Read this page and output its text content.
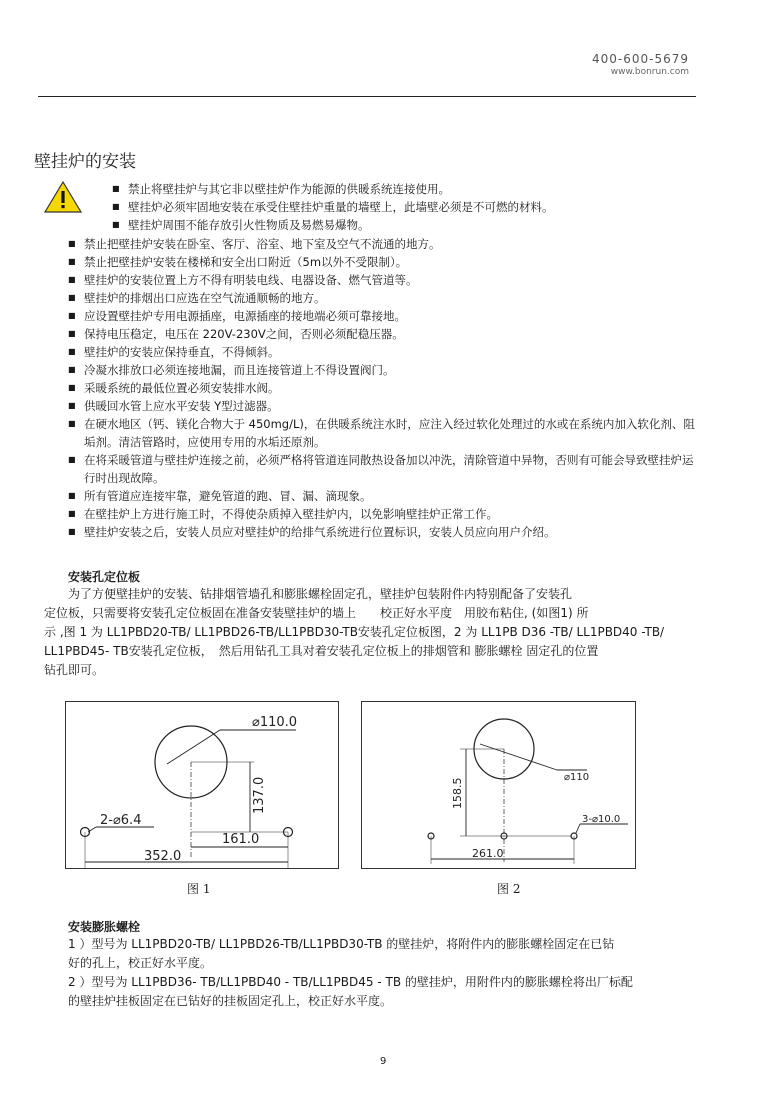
400-600-5679
www.bonrun.com
壁挂炉的安装
■ 禁止将壁挂炉与其它非以壁挂炉作为能源的供暖系统连接使用。
■ 壁挂炉必须牢固地安装在承受住壁挂炉重量的墙壁上，此墙壁必须是不可燃的材料。
■ 壁挂炉周围不能存放引火性物质及易燃易爆物。
■ 禁止把壁挂炉安装在卧室、客厅、浴室、地下室及空气不流通的地方。
■ 禁止把壁挂炉安装在楼梯和安全出口附近（5m以外不受限制）。
■ 壁挂炉的安装位置上方不得有明装电线、电器设备、燃气管道等。
■ 壁挂炉的排烟出口应选在空气流通顺畅的地方。
■ 应设置壁挂炉专用电源插座，电源插座的接地端必须可靠接地。
■ 保持电压稳定，电压在 220V-230V之间，否则必须配稳压器。
■ 壁挂炉的安装应保持垂直，不得倾斜。
■ 冷凝水排放口必须连接地漏，而且连接管道上不得设置阀门。
■ 采暖系统的最低位置必须安装排水阀。
■ 供暖回水管上应水平安装 Y型过滤器。
■ 在硬水地区（钙、镁化合物大于 450mg/L)，在供暖系统注水时，应注入经过软化处理过的水或在系统内加入软化剂、阻垢剂。清洁管路时，应使用专用的水垢还原剂。
■ 在将采暖管道与壁挂炉连接之前，必须严格将管道连同散热设备加以冲洗，清除管道中异物，否则有可能会导致壁挂炉运行时出现故障。
■ 所有管道应连接牢靠，避免管道的跑、冒、漏、滴现象。
■ 在壁挂炉上方进行施工时，不得使杂质掉入壁挂炉内，以免影响壁挂炉正常工作。
■ 壁挂炉安装之后，安装人员应对壁挂炉的给排气系统进行位置标识，安装人员应向用户介绍。
安装孔定位板
为了方便壁挂炉的安装、钻排烟管墙孔和膨胀螺栓固定孔，壁挂炉包装附件内特别配备了安装孔
定位板，只需要将安装孔定位板固在准备安装壁挂炉的墙上　　校正好水平度　用胶布粘住, (如图1) 所
示 ,图 1 为 LL1PBD20-TB/ LL1PBD26-TB/LL1PBD30-TB安装孔定位板图，2 为 LL1PB D36 -TB/ LL1PBD40 -TB/
LL1PBD45- TB安装孔定位板，　然后用钻孔工具对着安装孔定位板上的排烟管和 膨胀螺栓 固定孔的位置
钻孔即可。
⌀110.0
137.0
2-⌀6.4
161.0
352.0
图 1
⌀110
158.5
3-⌀10.0
261.0
图 2
安装膨胀螺栓
1 ）型号为 LL1PBD20-TB/ LL1PBD26-TB/LL1PBD30-TB 的壁挂炉，将附件内的膨胀螺栓固定在已钻
好的孔上，校正好水平度。
2 ）型号为 LL1PBD36- TB/LL1PBD40 - TB/LL1PBD45 - TB 的壁挂炉，用附件内的膨胀螺栓将出厂标配
的壁挂炉挂板固定在已钻好的挂板固定孔上，校正好水平度。
9
